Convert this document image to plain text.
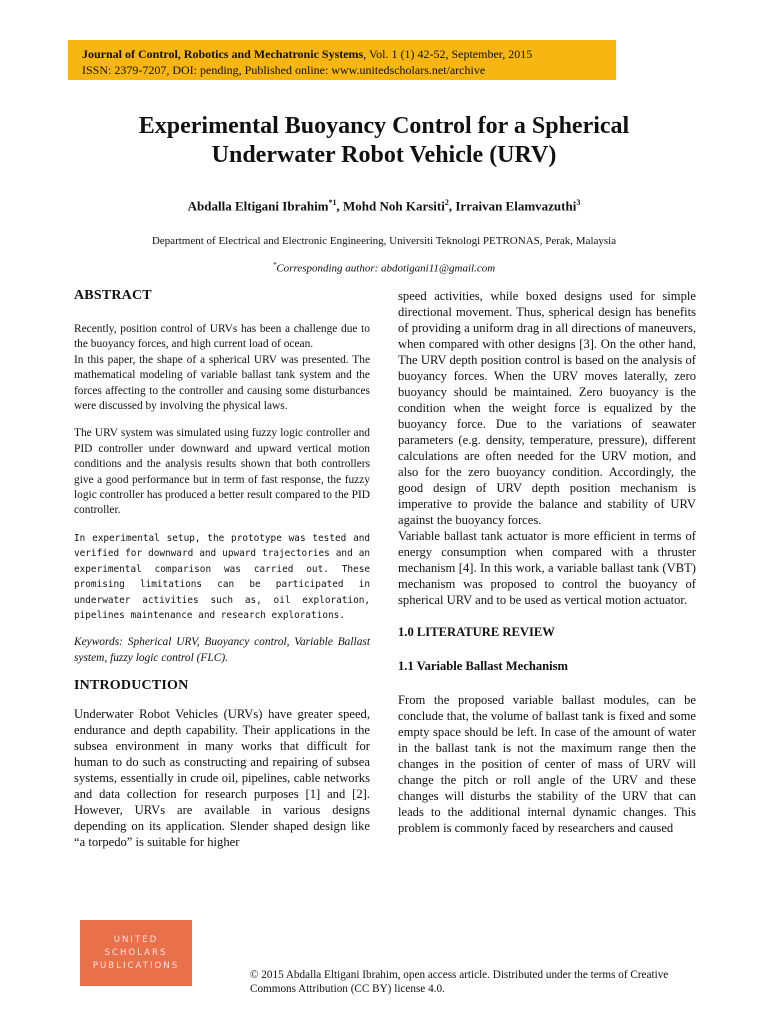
Journal of Control, Robotics and Mechatronic Systems, Vol. 1 (1) 42-52, September, 2015
ISSN: 2379-7207, DOI: pending, Published online: www.unitedscholars.net/archive
Experimental Buoyancy Control for a Spherical
Underwater Robot Vehicle (URV)
Abdalla Eltigani Ibrahim$^{*1}$, Mohd Noh Karsiti$^2$, Irraivan Elamvazuthi$^3$
Department of Electrical and Electronic Engineering, Universiti Teknologi PETRONAS, Perak, Malaysia
*Corresponding author: abdotigani11@gmail.com
ABSTRACT

Recently, position control of URVs has been a challenge due to the buoyancy forces, and high current load of ocean.

In this paper, the shape of a spherical URV was presented. The mathematical modeling of variable ballast tank system and the forces affecting to the controller and causing some disturbances were discussed by involving the physical laws.

The URV system was simulated using fuzzy logic controller and PID controller under downward and upward vertical motion conditions and the analysis results shown that both controllers give a good performance but in term of fast response, the fuzzy logic controller has produced a better result compared to the PID controller.

In experimental setup, the prototype was tested and verified for downward and upward trajectories and an experimental comparison was carried out. These promising limitations can be participated in underwater activities such as, oil exploration, pipelines maintenance and research explorations.

Keywords: Spherical URV, Buoyancy control, Variable Ballast system, fuzzy logic control (FLC).

INTRODUCTION

Underwater Robot Vehicles (URVs) have greater speed, endurance and depth capability. Their applications in the subsea environment in many works that difficult for human to do such as constructing and repairing of subsea systems, essentially in crude oil, pipelines, cable networks and data collection for research purposes [1] and [2]. However, URVs are available in various designs depending on its application. Slender shaped design like “a torpedo” is suitable for higher

speed activities, while boxed designs used for simple directional movement. Thus, spherical design has benefits of providing a uniform drag in all directions of maneuvers, when compared with other designs [3]. On the other hand, The URV depth position control is based on the analysis of buoyancy forces. When the URV moves laterally, zero buoyancy should be maintained. Zero buoyancy is the condition when the weight force is equalized by the buoyancy force. Due to the variations of seawater parameters (e.g. density, temperature, pressure), different calculations are often needed for the URV motion, and also for the zero buoyancy condition. Accordingly, the good design of URV depth position mechanism is imperative to provide the balance and stability of URV against the buoyancy forces.

Variable ballast tank actuator is more efficient in terms of energy consumption when compared with a thruster mechanism [4]. In this work, a variable ballast tank (VBT) mechanism was proposed to control the buoyancy of spherical URV and to be used as vertical motion actuator.

1.0 LITERATURE REVIEW
1.1 Variable Ballast Mechanism

From the proposed variable ballast modules, can be conclude that, the volume of ballast tank is fixed and some empty space should be left. In case of the amount of water in the ballast tank is not the maximum range then the changes in the position of center of mass of URV will change the pitch or roll angle of the URV and these changes will disturbs the stability of the URV that can leads to the additional internal dynamic changes. This problem is commonly faced by researchers and caused

UNITED
SCHOLARS
PUBLICATIONS
© 2015 Abdalla Eltigani Ibrahim, open access article. Distributed under the terms of Creative Commons Attribution (CC BY) license 4.0.
